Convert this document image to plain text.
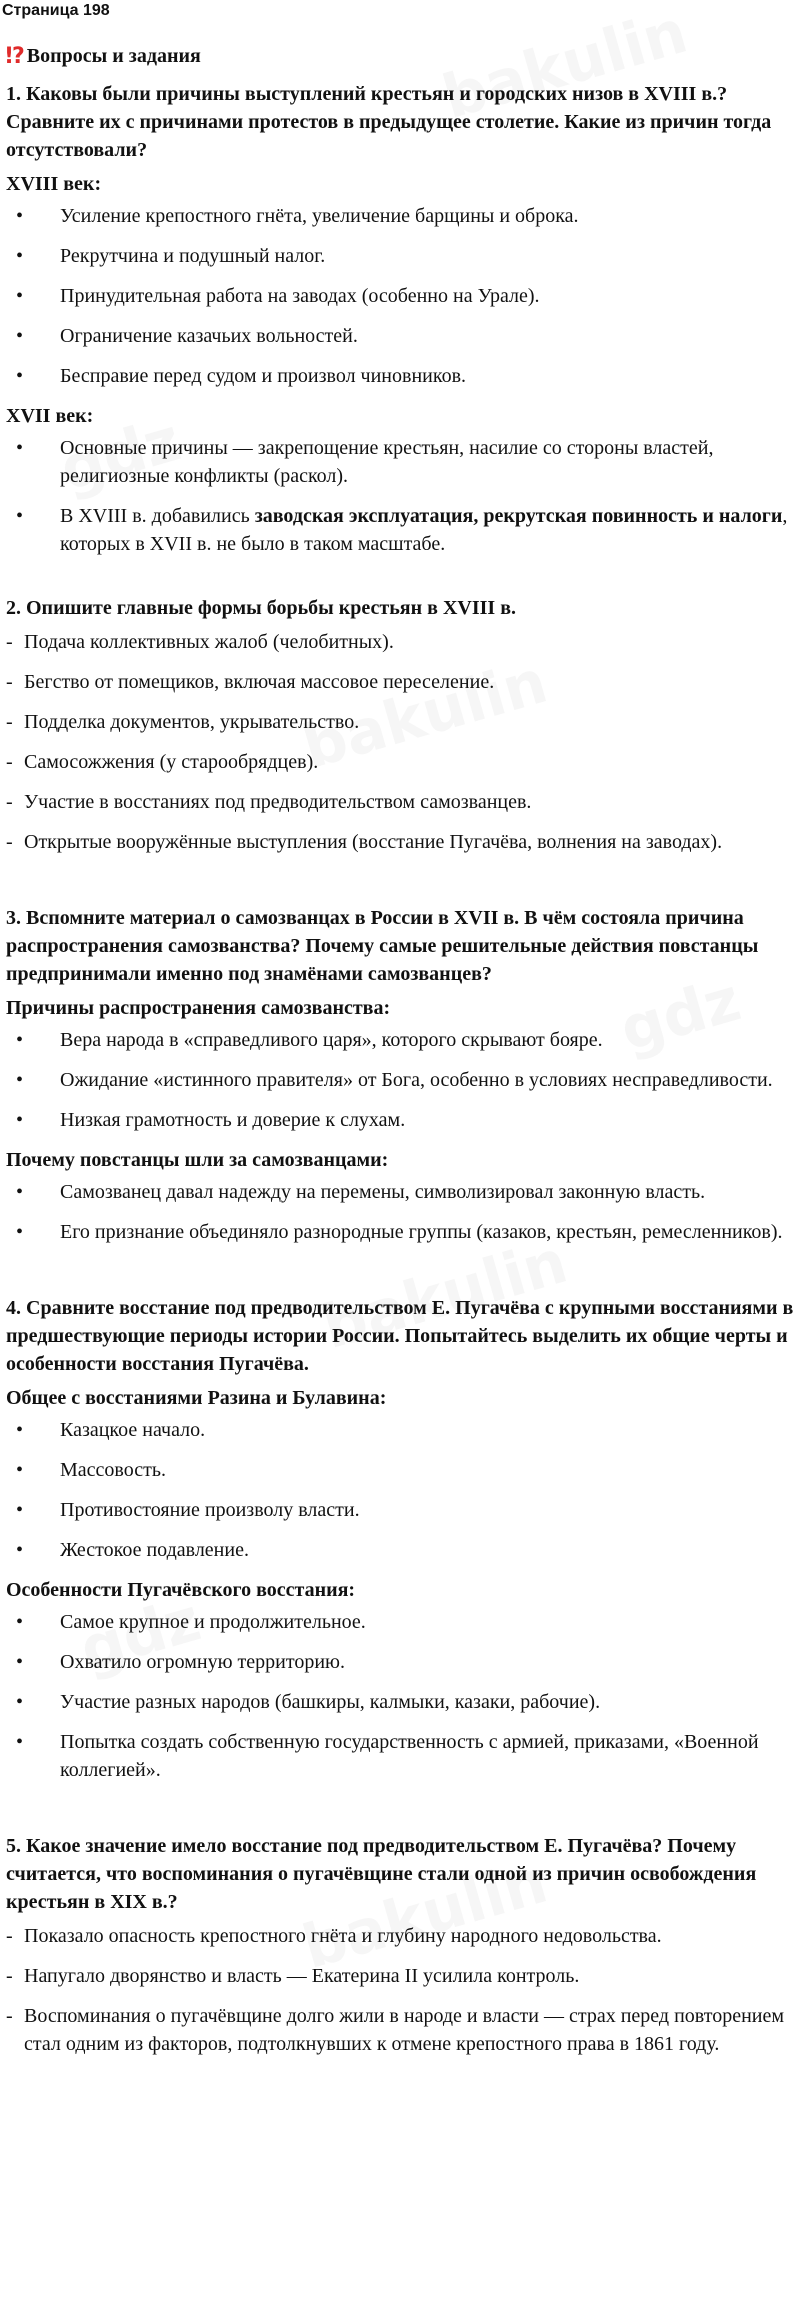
Страница 198
!? Вопросы и задания
1. Каковы были причины выступлений крестьян и городских низов в XVIII в.? Сравните их с причинами протестов в предыдущее столетие. Какие из причин тогда отсутствовали?
XVIII век:
• Усиление крепостного гнёта, увеличение барщины и оброка.
• Рекрутчина и подушный налог.
• Принудительная работа на заводах (особенно на Урале).
• Ограничение казачьих вольностей.
• Бесправие перед судом и произвол чиновников.
XVII век:
• Основные причины — закрепощение крестьян, насилие со стороны властей, религиозные конфликты (раскол).
• В XVIII в. добавились заводская эксплуатация, рекрутская повинность и налоги, которых в XVII в. не было в таком масштабе.
2. Опишите главные формы борьбы крестьян в XVIII в.
- Подача коллективных жалоб (челобитных).
- Бегство от помещиков, включая массовое переселение.
- Подделка документов, укрывательство.
- Самосожжения (у старообрядцев).
- Участие в восстаниях под предводительством самозванцев.
- Открытые вооружённые выступления (восстание Пугачёва, волнения на заводах).
3. Вспомните материал о самозванцах в России в XVII в. В чём состояла причина распространения самозванства? Почему самые решительные действия повстанцы предпринимали именно под знамёнами самозванцев?
Причины распространения самозванства:
• Вера народа в «справедливого царя», которого скрывают бояре.
• Ожидание «истинного правителя» от Бога, особенно в условиях несправедливости.
• Низкая грамотность и доверие к слухам.
Почему повстанцы шли за самозванцами:
• Самозванец давал надежду на перемены, символизировал законную власть.
• Его признание объединяло разнородные группы (казаков, крестьян, ремесленников).
4. Сравните восстание под предводительством Е. Пугачёва с крупными восстаниями в предшествующие периоды истории России. Попытайтесь выделить их общие черты и особенности восстания Пугачёва.
Общее с восстаниями Разина и Булавина:
• Казацкое начало.
• Массовость.
• Противостояние произволу власти.
• Жестокое подавление.
Особенности Пугачёвского восстания:
• Самое крупное и продолжительное.
• Охватило огромную территорию.
• Участие разных народов (башкиры, калмыки, казаки, рабочие).
• Попытка создать собственную государственность с армией, приказами, «Военной коллегией».
5. Какое значение имело восстание под предводительством Е. Пугачёва? Почему считается, что воспоминания о пугачёвщине стали одной из причин освобождения крестьян в XIX в.?
- Показало опасность крепостного гнёта и глубину народного недовольства.
- Напугало дворянство и власть — Екатерина II усилила контроль.
- Воспоминания о пугачёвщине долго жили в народе и власти — страх перед повторением стал одним из факторов, подтолкнувших к отмене крепостного права в 1861 году.
